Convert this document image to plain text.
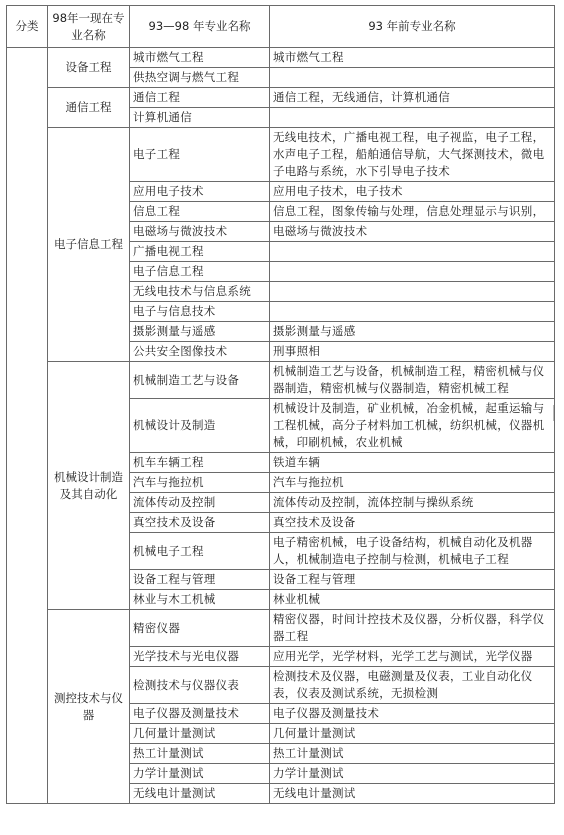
分类	98年一现在专业名称	93—98 年专业名称	93 年前专业名称
	设备工程	城市燃气工程	城市燃气工程
		供热空调与燃气工程	
	通信工程	通信工程	通信工程，无线通信，计算机通信
		计算机通信	
	电子信息工程	电子工程	无线电技术，广播电视工程，电子视监，电子工程，水声电子工程，船舶通信导航，大气探测技术，微电子电路与系统，水下引导电子技术
		应用电子技术	应用电子技术，电子技术
		信息工程	信息工程，图象传输与处理，信息处理显示与识别，
		电磁场与微波技术	电磁场与微波技术
		广播电视工程	
		电子信息工程	
		无线电技术与信息系统	
		电子与信息技术	
		摄影测量与遥感	摄影测量与遥感
		公共安全图像技术	刑事照相
	机械设计制造及其自动化	机械制造工艺与设备	机械制造工艺与设备，机械制造工程，精密机械与仪器制造，精密机械与仪器制造，精密机械工程
		机械设计及制造	机械设计及制造，矿业机械，冶金机械，起重运输与工程机械，高分子材料加工机械，纺织机械，仪器机械，印刷机械，农业机械
		机车车辆工程	铁道车辆
		汽车与拖拉机	汽车与拖拉机
		流体传动及控制	流体传动及控制，流体控制与操纵系统
		真空技术及设备	真空技术及设备
		机械电子工程	电子精密机械，电子设备结构，机械自动化及机器人，机械制造电子控制与检测，机械电子工程
		设备工程与管理	设备工程与管理
		林业与木工机械	林业机械
	测控技术与仪器	精密仪器	精密仪器，时间计控技术及仪器，分析仪器，科学仪器工程
		光学技术与光电仪器	应用光学，光学材料，光学工艺与测试，光学仪器
		检测技术与仪器仪表	检测技术及仪器，电磁测量及仪表，工业自动化仪表，仪表及测试系统，无损检测
		电子仪器及测量技术	电子仪器及测量技术
		几何量计量测试	几何量计量测试
		热工计量测试	热工计量测试
		力学计量测试	力学计量测试
		无线电计量测试	无线电计量测试
